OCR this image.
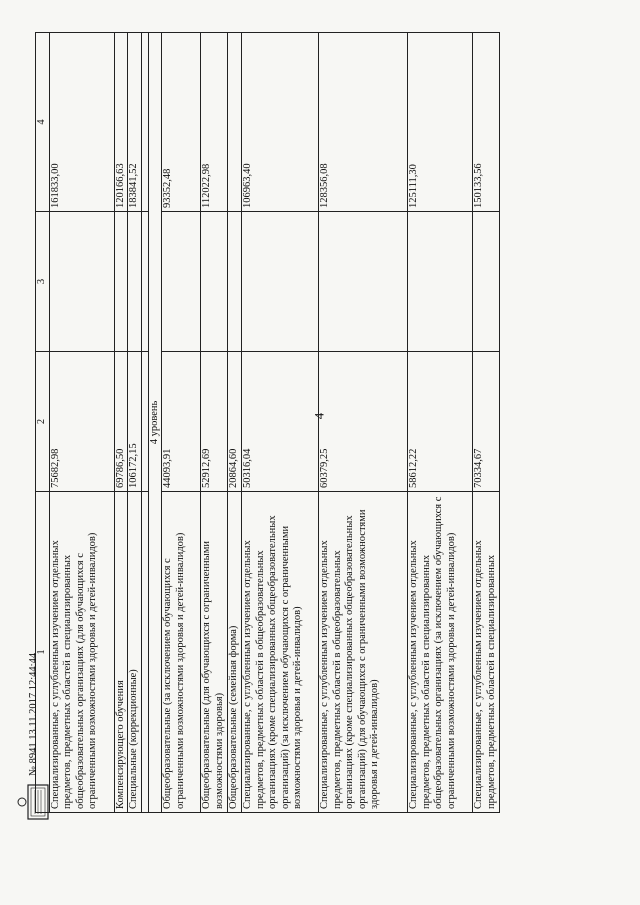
4
1	2	3	4
Специализированные, с углубленным изучением отдельных предметов, предметных областей в специализированных общеобразовательных организациях (для обучающихся с ограниченными возможностями здоровья и детей-инвалидов)	75682,98		161833,00
Компенсирующего обучения	69786,50		120166,63
Специальные (коррекционные)	106172,15		183841,52

4 уровень			
Общеобразовательные (за исключением обучающихся с ограниченными возможностями здоровья и детей-инвалидов)	44093,91		93352,48
Общеобразовательные (для обучающихся с ограниченными возможностями здоровья)	52912,69		112022,98
Общеобразовательные (семейная форма)	20864,60		
Специализированные, с углубленным изучением отдельных предметов, предметных областей в общеобразовательных организациях (кроме специализированных общеобразовательных организаций) (за исключением обучающихся с ограниченными возможностями здоровья и детей-инвалидов)	50316,04		106963,40
Специализированные, с углубленным изучением отдельных предметов, предметных областей в общеобразовательных организациях (кроме специализированных общеобразовательных организаций) (для обучающихся с ограниченными возможностями здоровья и детей-инвалидов)	60379,25		128356,08
Специализированные, с углубленным изучением отдельных предметов, предметных областей в специализированных общеобразовательных организациях (за исключением обучающихся с ограниченными возможностями здоровья и детей-инвалидов)	58612,22		125111,30
Специализированные, с углубленным изучением отдельных предметов, предметных областей в специализированных	70334,67		150133,56
№ 8941 13.11.2017 12:44:44
